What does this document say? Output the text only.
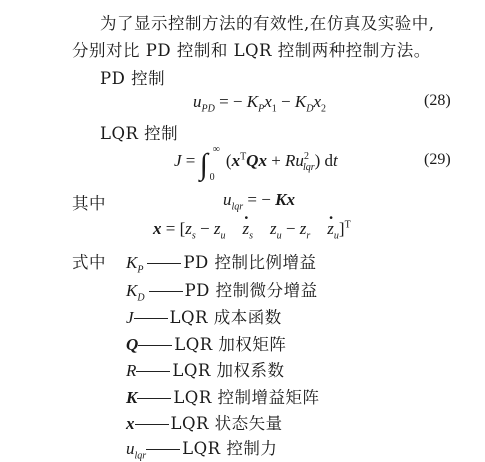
为了显示控制方法的有效性,在仿真及实验中,
分别对比 PD 控制和 LQR 控制两种控制方法。
PD 控制
$u_{PD}$ = − $K_Px_1 - K_Dx_2$	(28)
LQR 控制
J = ∫ ∞
0
$(x^TQx + Ru^2_{lqr})$ dt	(29)
其中	$u_{lqr}$ = − Kx
$x = [z_s - z_u$    · $z_s$ $z_u - z_r$    · $z_u]^T$
式中 $K_P$ PD 控制比例增益
$K_D$ PD 控制微分增益
J LQR 成本函数
Q LQR 加权矩阵
R LQR 加权系数
K LQR 控制增益矩阵
x LQR 状态矢量
$u_{lqr}$ LQR 控制力
